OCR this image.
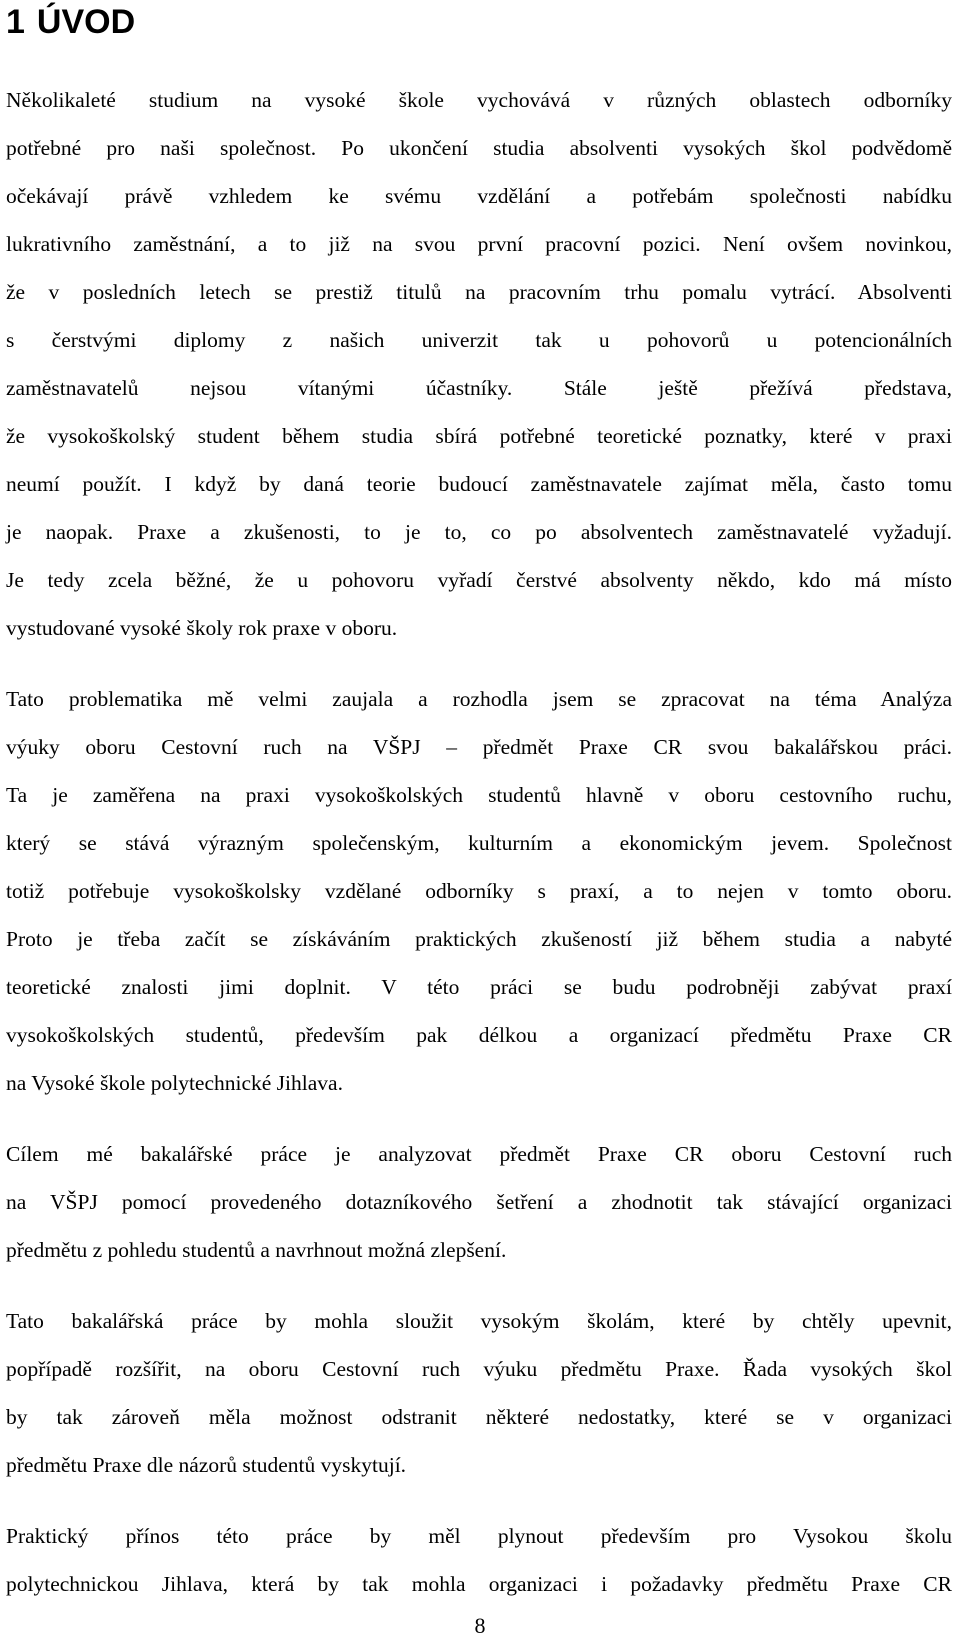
1 ÚVOD

Několikaleté studium na vysoké škole vychovává v různých oblastech odborníky
potřebné pro naši společnost. Po ukončení studia absolventi vysokých škol podvědomě
očekávají právě vzhledem ke svému vzdělání a potřebám společnosti nabídku
lukrativního zaměstnání, a to již na svou první pracovní pozici. Není ovšem novinkou,
že v posledních letech se prestiž titulů na pracovním trhu pomalu vytrácí. Absolventi
s čerstvými diplomy z našich univerzit tak u pohovorů u potencionálních
zaměstnavatelů nejsou vítanými účastníky. Stále ještě přežívá představa,
že vysokoškolský student během studia sbírá potřebné teoretické poznatky, které v praxi
neumí použít. I když by daná teorie budoucí zaměstnavatele zajímat měla, často tomu
je naopak. Praxe a zkušenosti, to je to, co po absolventech zaměstnavatelé vyžadují.
Je tedy zcela běžné, že u pohovoru vyřadí čerstvé absolventy někdo, kdo má místo
vystudované vysoké školy rok praxe v oboru.

Tato problematika mě velmi zaujala a rozhodla jsem se zpracovat na téma Analýza
výuky oboru Cestovní ruch na VŠPJ – předmět Praxe CR svou bakalářskou práci.
Ta je zaměřena na praxi vysokoškolských studentů hlavně v oboru cestovního ruchu,
který se stává výrazným společenským, kulturním a ekonomickým jevem. Společnost
totiž potřebuje vysokoškolsky vzdělané odborníky s praxí, a to nejen v tomto oboru.
Proto je třeba začít se získáváním praktických zkušeností již během studia a nabyté
teoretické znalosti jimi doplnit. V této práci se budu podrobněji zabývat praxí
vysokoškolských studentů, především pak délkou a organizací předmětu Praxe CR
na Vysoké škole polytechnické Jihlava.

Cílem mé bakalářské práce je analyzovat předmět Praxe CR oboru Cestovní ruch
na VŠPJ pomocí provedeného dotazníkového šetření a zhodnotit tak stávající organizaci
předmětu z pohledu studentů a navrhnout možná zlepšení.

Tato bakalářská práce by mohla sloužit vysokým školám, které by chtěly upevnit,
popřípadě rozšířit, na oboru Cestovní ruch výuku předmětu Praxe. Řada vysokých škol
by tak zároveň měla možnost odstranit některé nedostatky, které se v organizaci
předmětu Praxe dle názorů studentů vyskytují.

Praktický přínos této práce by měl plynout především pro Vysokou školu
polytechnickou Jihlava, která by tak mohla organizaci i požadavky předmětu Praxe CR

8
